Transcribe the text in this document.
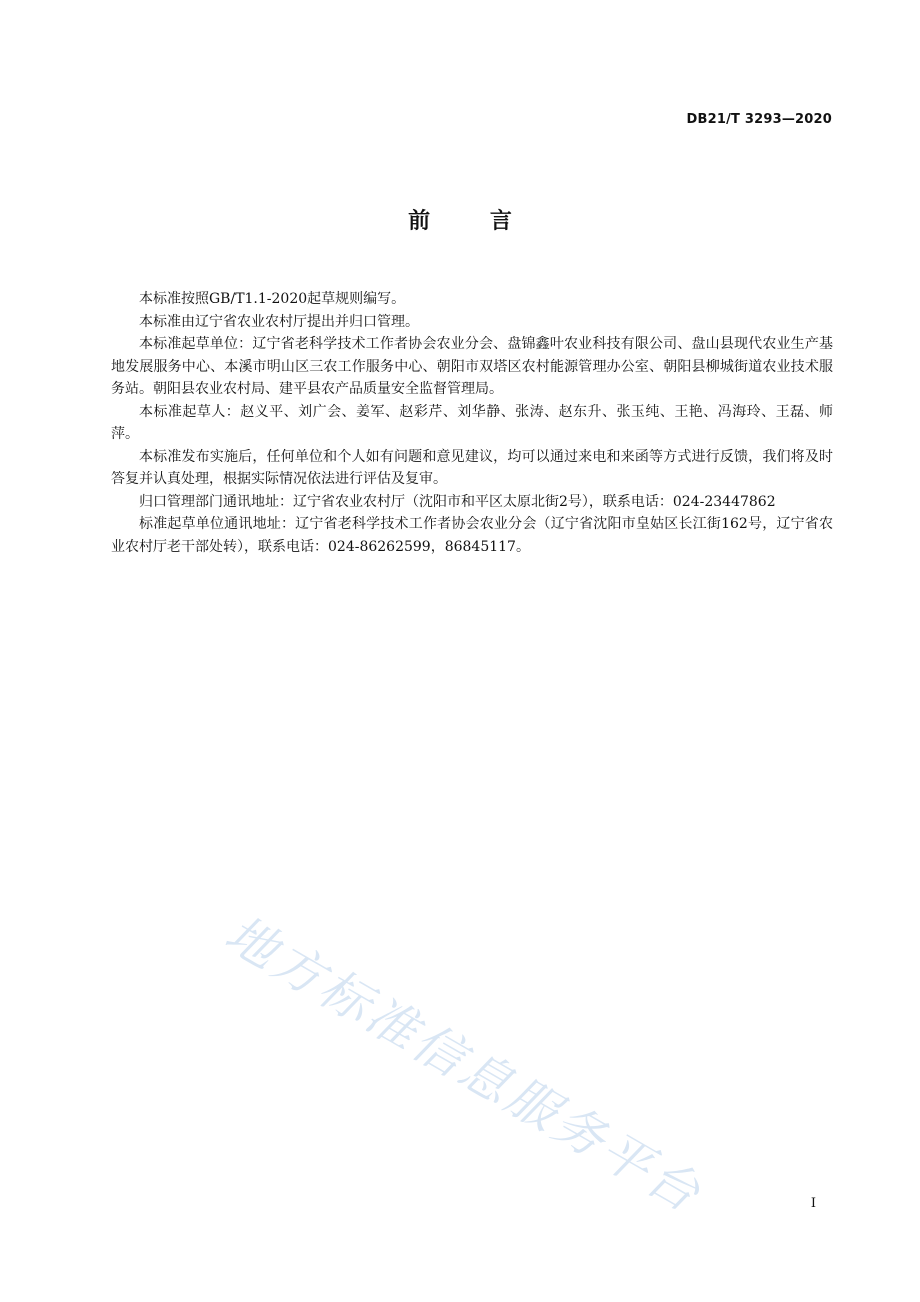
DB21/T 3293—2020
前 言

本标准按照GB/T1.1-2020起草规则编写。

本标准由辽宁省农业农村厅提出并归口管理。

本标准起草单位：辽宁省老科学技术工作者协会农业分会、盘锦鑫叶农业科技有限公司、盘山县现代农业生产基地发展服务中心、本溪市明山区三农工作服务中心、朝阳市双塔区农村能源管理办公室、朝阳县柳城街道农业技术服务站。朝阳县农业农村局、建平县农产品质量安全监督管理局。

本标准起草人：赵义平、刘广会、姜军、赵彩芹、刘华静、张涛、赵东升、张玉纯、王艳、冯海玲、王磊、师萍。

本标准发布实施后，任何单位和个人如有问题和意见建议，均可以通过来电和来函等方式进行反馈，我们将及时答复并认真处理，根据实际情况依法进行评估及复审。

归口管理部门通讯地址：辽宁省农业农村厅（沈阳市和平区太原北街2号），联系电话：024-23447862

标准起草单位通讯地址：辽宁省老科学技术工作者协会农业分会（辽宁省沈阳市皇姑区长江街162号，辽宁省农业农村厅老干部处转），联系电话：024-86262599，86845117。

地方标准信息服务平台	I
